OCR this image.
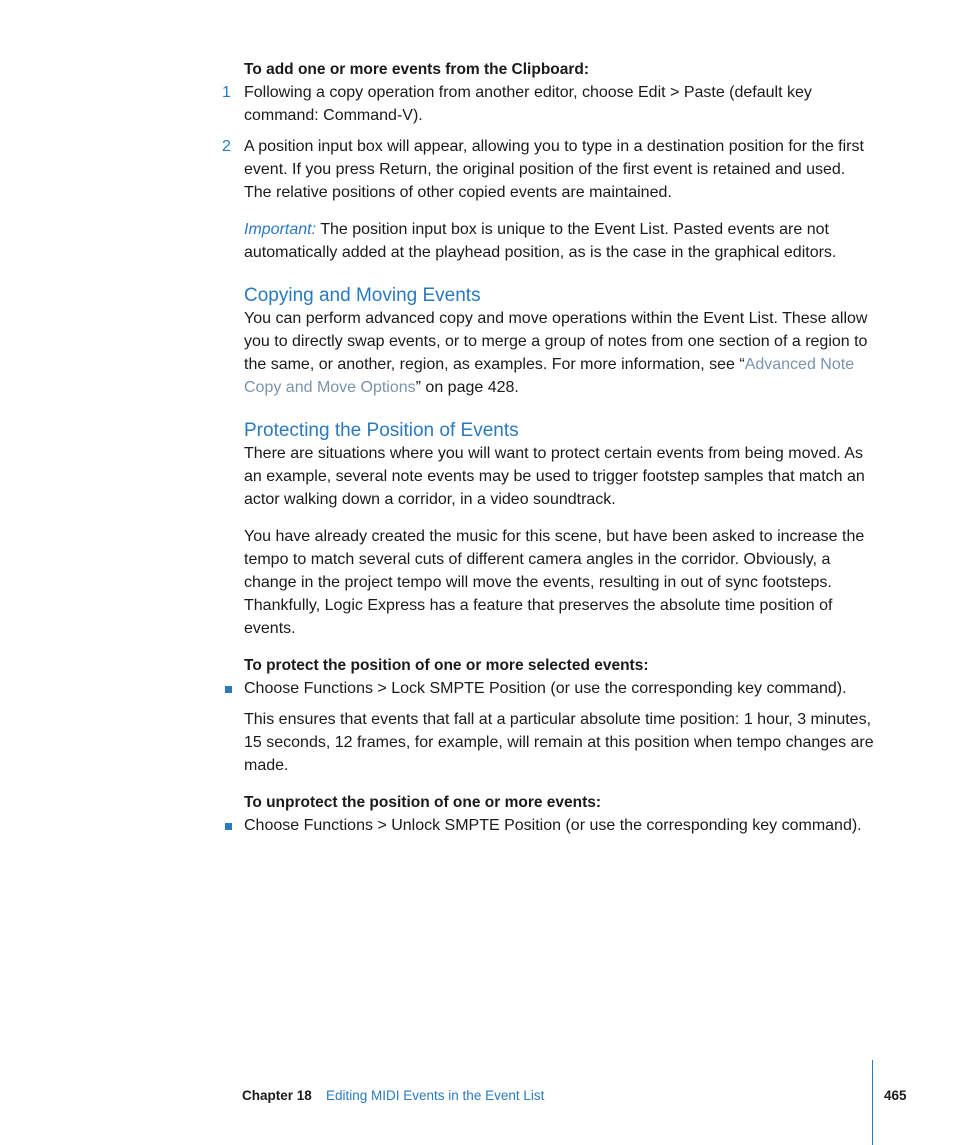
To add one or more events from the Clipboard:

1 Following a copy operation from another editor, choose Edit > Paste (default key command: Command-V).
2 A position input box will appear, allowing you to type in a destination position for the first event. If you press Return, the original position of the first event is retained and used. The relative positions of other copied events are maintained.

Important: The position input box is unique to the Event List. Pasted events are not automatically added at the playhead position, as is the case in the graphical editors.

Copying and Moving Events

You can perform advanced copy and move operations within the Event List. These allow you to directly swap events, or to merge a group of notes from one section of a region to the same, or another, region, as examples. For more information, see “Advanced Note Copy and Move Options” on page 428.

Protecting the Position of Events

There are situations where you will want to protect certain events from being moved. As an example, several note events may be used to trigger footstep samples that match an actor walking down a corridor, in a video soundtrack.

You have already created the music for this scene, but have been asked to increase the tempo to match several cuts of different camera angles in the corridor. Obviously, a change in the project tempo will move the events, resulting in out of sync footsteps. Thankfully, Logic Express has a feature that preserves the absolute time position of events.

To protect the position of one or more selected events:

Choose Functions > Lock SMPTE Position (or use the corresponding key command).

This ensures that events that fall at a particular absolute time position: 1 hour, 3 minutes, 15 seconds, 12 frames, for example, will remain at this position when tempo changes are made.

To unprotect the position of one or more events:

Choose Functions > Unlock SMPTE Position (or use the corresponding key command).
Chapter 18 Editing MIDI Events in the Event List	465
